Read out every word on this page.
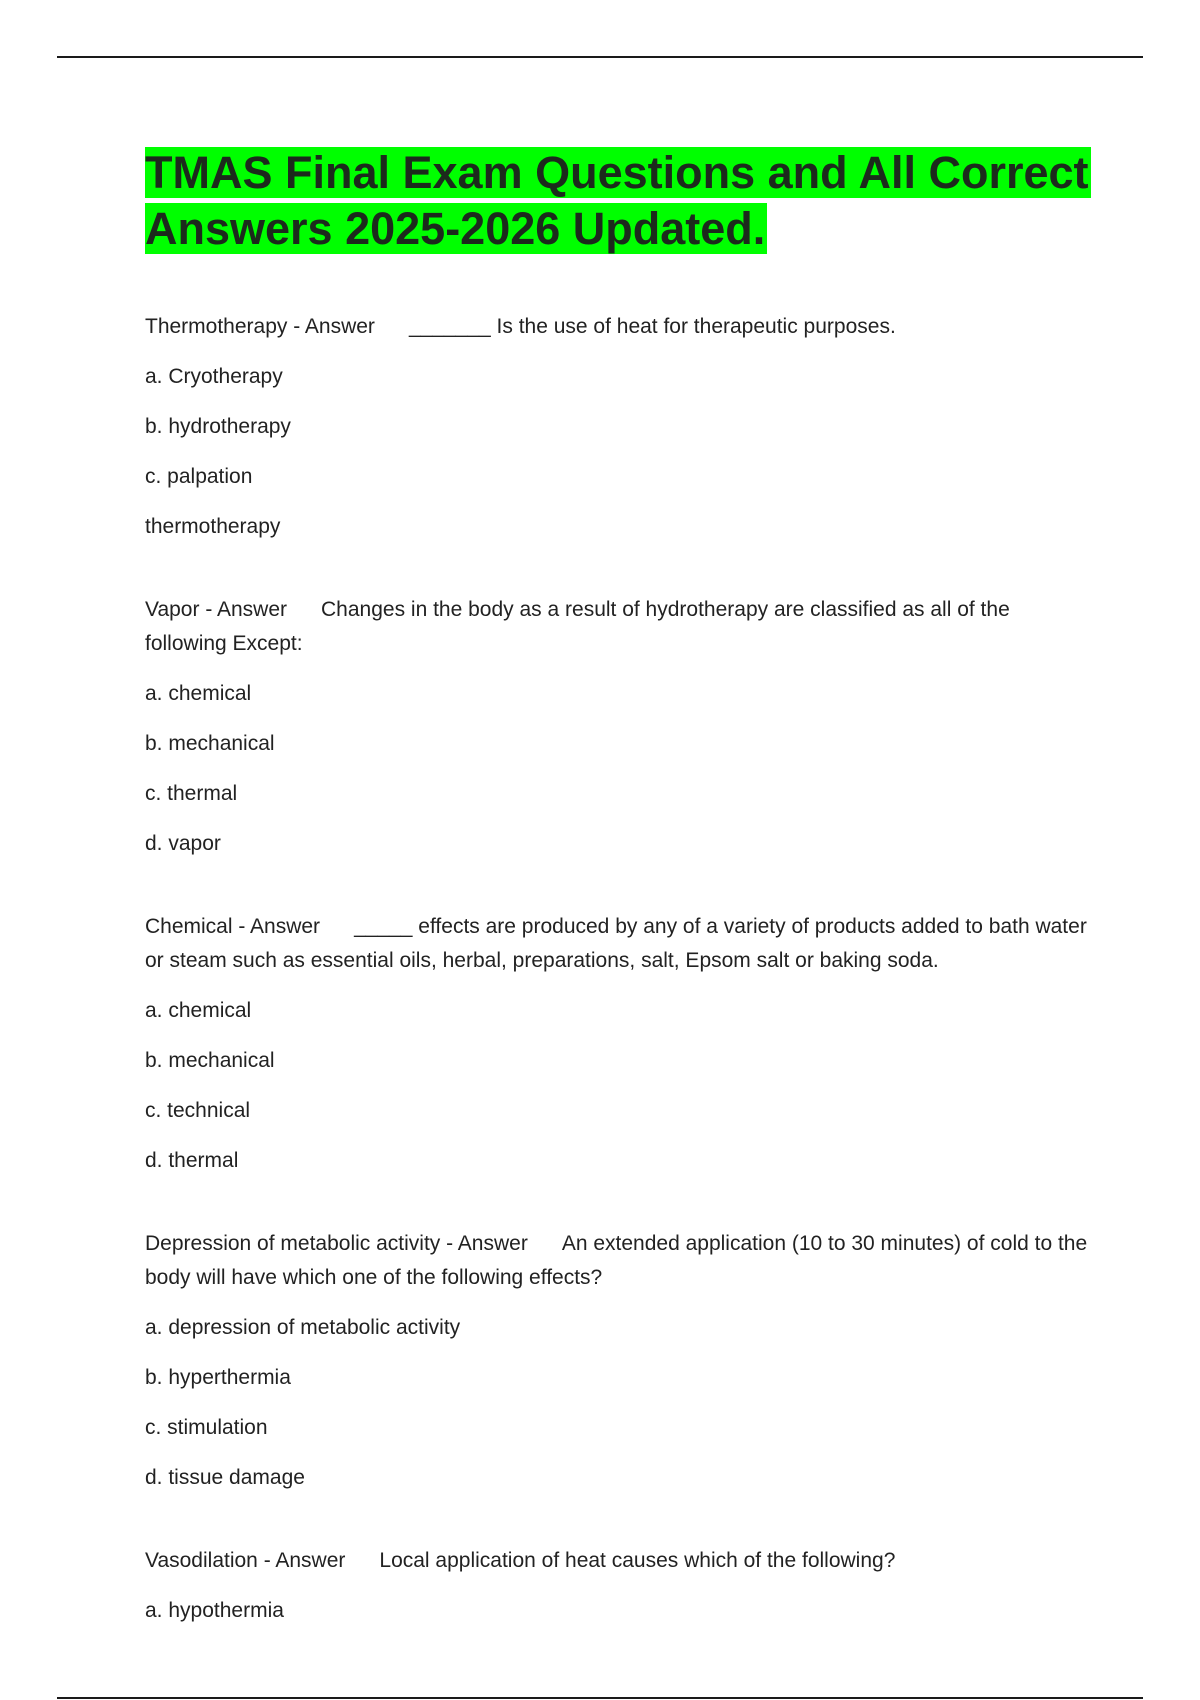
TMAS Final Exam Questions and All Correct Answers 2025-2026 Updated.

Thermotherapy - Answer _______ Is the use of heat for therapeutic purposes.

a. Cryotherapy

b. hydrotherapy

c. palpation

thermotherapy

Vapor - Answer Changes in the body as a result of hydrotherapy are classified as all of the following Except:

a. chemical

b. mechanical

c. thermal

d. vapor

Chemical - Answer _____ effects are produced by any of a variety of products added to bath water or steam such as essential oils, herbal, preparations, salt, Epsom salt or baking soda.

a. chemical

b. mechanical

c. technical

d. thermal

Depression of metabolic activity - Answer An extended application (10 to 30 minutes) of cold to the body will have which one of the following effects?

a. depression of metabolic activity

b. hyperthermia

c. stimulation

d. tissue damage

Vasodilation - Answer Local application of heat causes which of the following?

a. hypothermia
